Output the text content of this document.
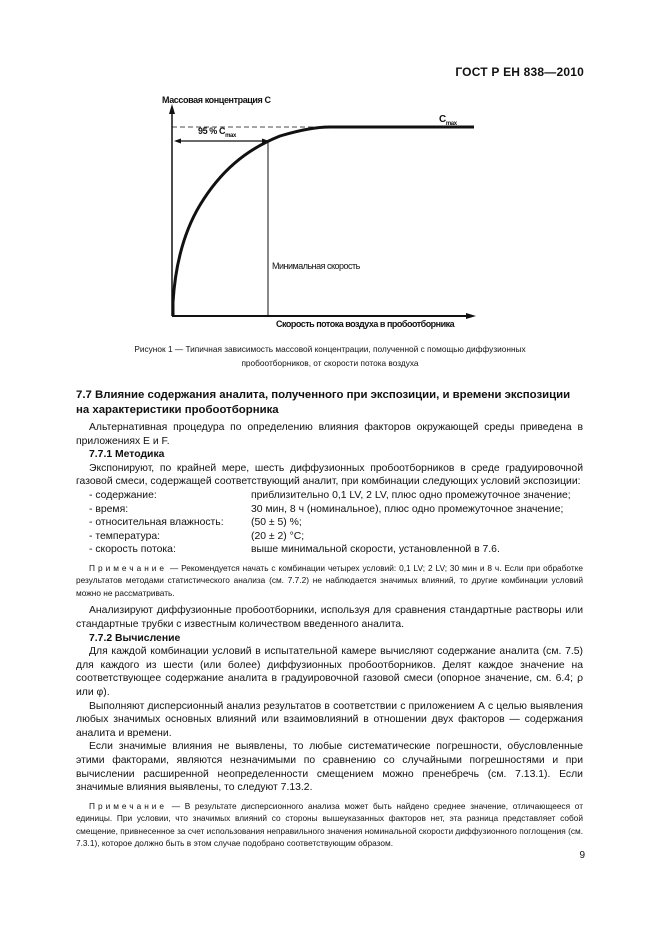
ГОСТ Р ЕН 838—2010
Массовая концентрация C
$C_{max}$
95 % $C_{max}$
Минимальная скорость
Скорость потока воздуха в пробоотборника
Рисунок 1 — Типичная зависимость массовой концентрации, полученной с помощью диффузионных
пробоотборников, от скорости потока воздуха
7.7 Влияние содержания аналита, полученного при экспозиции, и времени экспозиции на характеристики пробоотборника

Альтернативная процедура по определению влияния факторов окружающей среды приведена в приложениях E и F.

7.7.1 Методика

Экспонируют, по крайней мере, шесть диффузионных пробоотборников в среде градуировочной газовой смеси, содержащей соответствующий аналит, при комбинации следующих условий экспозиции:

- содержание:	приблизительно 0,1 LV, 2 LV, плюс одно промежуточное значение;
- время:	30 мин, 8 ч (номинальное), плюс одно промежуточное значение;
- относительная влажность:	(50 ± 5) %;
- температура:	(20 ± 2) °С;
- скорость потока:	выше минимальной скорости, установленной в 7.6.

Примечание — Рекомендуется начать с комбинации четырех условий: 0,1 LV; 2 LV; 30 мин и 8 ч. Если при обработке результатов методами статистического анализа (см. 7.7.2) не наблюдается значимых влияний, то другие комбинации условий можно не рассматривать.

Анализируют диффузионные пробоотборники, используя для сравнения стандартные растворы или стандартные трубки с известным количеством введенного аналита.

7.7.2 Вычисление

Для каждой комбинации условий в испытательной камере вычисляют содержание аналита (см. 7.5) для каждого из шести (или более) диффузионных пробоотборников. Делят каждое значение на соответствующее содержание аналита в градуировочной газовой смеси (опорное значение, см. 6.4; ρ или φ).

Выполняют дисперсионный анализ результатов в соответствии с приложением А с целью выявления любых значимых основных влияний или взаимовлияний в отношении двух факторов — содержания аналита и времени.

Если значимые влияния не выявлены, то любые систематические погрешности, обусловленные этими факторами, являются незначимыми по сравнению со случайными погрешностями и при вычислении расширенной неопределенности смещением можно пренебречь (см. 7.13.1). Если значимые влияния выявлены, то следуют 7.13.2.

Примечание — В результате дисперсионного анализа может быть найдено среднее значение, отличающееся от единицы. При условии, что значимых влияний со стороны вышеуказанных факторов нет, эта разница представляет собой смещение, привнесенное за счет использования неправильного значения номинальной скорости диффузионного поглощения (см. 7.3.1), которое должно быть в этом случае подобрано соответствующим образом.

9
